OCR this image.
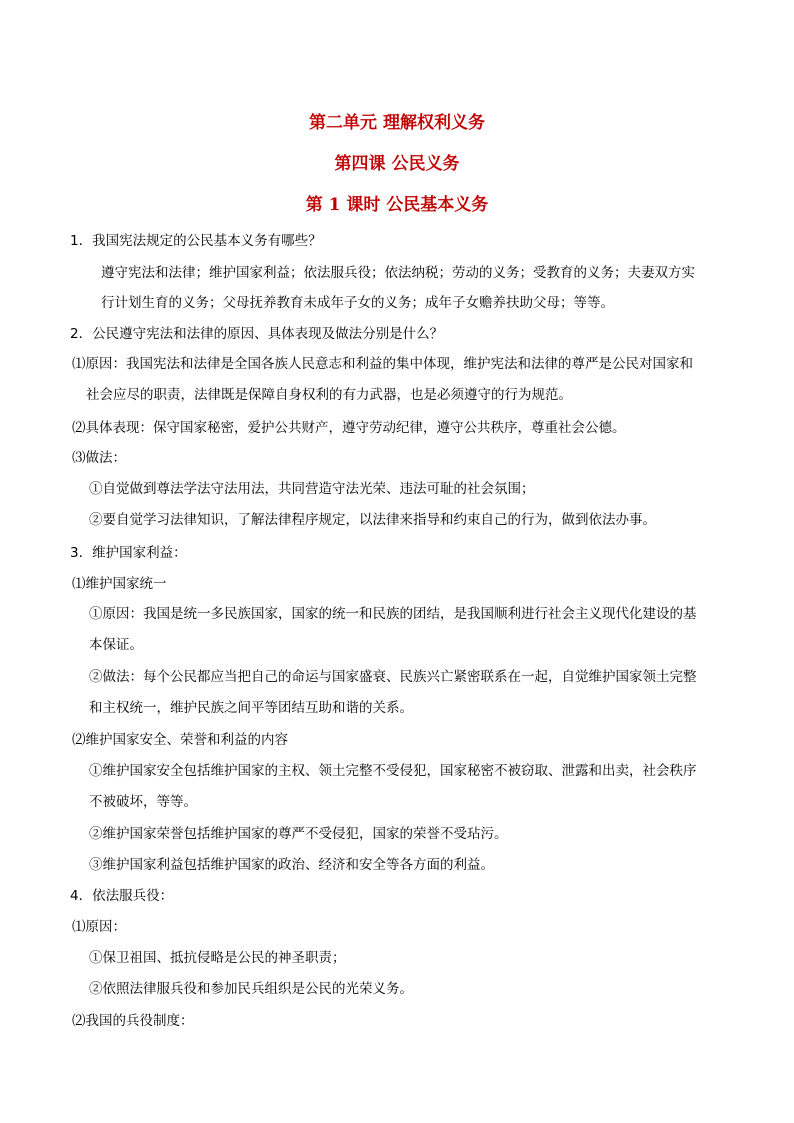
第二单元 理解权利义务
第四课 公民义务
第 1 课时 公民基本义务
1．我国宪法规定的公民基本义务有哪些？
遵守宪法和法律；维护国家利益；依法服兵役；依法纳税；劳动的义务；受教育的义务；夫妻双方实
行计划生育的义务；父母抚养教育未成年子女的义务；成年子女赡养扶助父母；等等。
2．公民遵守宪法和法律的原因、具体表现及做法分别是什么？
⑴原因：我国宪法和法律是全国各族人民意志和利益的集中体现，维护宪法和法律的尊严是公民对国家和
社会应尽的职责，法律既是保障自身权利的有力武器，也是必须遵守的行为规范。
⑵具体表现：保守国家秘密，爱护公共财产，遵守劳动纪律，遵守公共秩序，尊重社会公德。
⑶做法：
①自觉做到尊法学法守法用法，共同营造守法光荣、违法可耻的社会氛围；
②要自觉学习法律知识，了解法律程序规定，以法律来指导和约束自己的行为，做到依法办事。
3．维护国家利益：
⑴维护国家统一
①原因：我国是统一多民族国家，国家的统一和民族的团结，是我国顺利进行社会主义现代化建设的基
本保证。
②做法：每个公民都应当把自己的命运与国家盛衰、民族兴亡紧密联系在一起，自觉维护国家领土完整
和主权统一，维护民族之间平等团结互助和谐的关系。
⑵维护国家安全、荣誉和利益的内容
①维护国家安全包括维护国家的主权、领土完整不受侵犯，国家秘密不被窃取、泄露和出卖，社会秩序
不被破坏，等等。
②维护国家荣誉包括维护国家的尊严不受侵犯，国家的荣誉不受玷污。
③维护国家利益包括维护国家的政治、经济和安全等各方面的利益。
4．依法服兵役：
⑴原因：
①保卫祖国、抵抗侵略是公民的神圣职责；
②依照法律服兵役和参加民兵组织是公民的光荣义务。
⑵我国的兵役制度：
